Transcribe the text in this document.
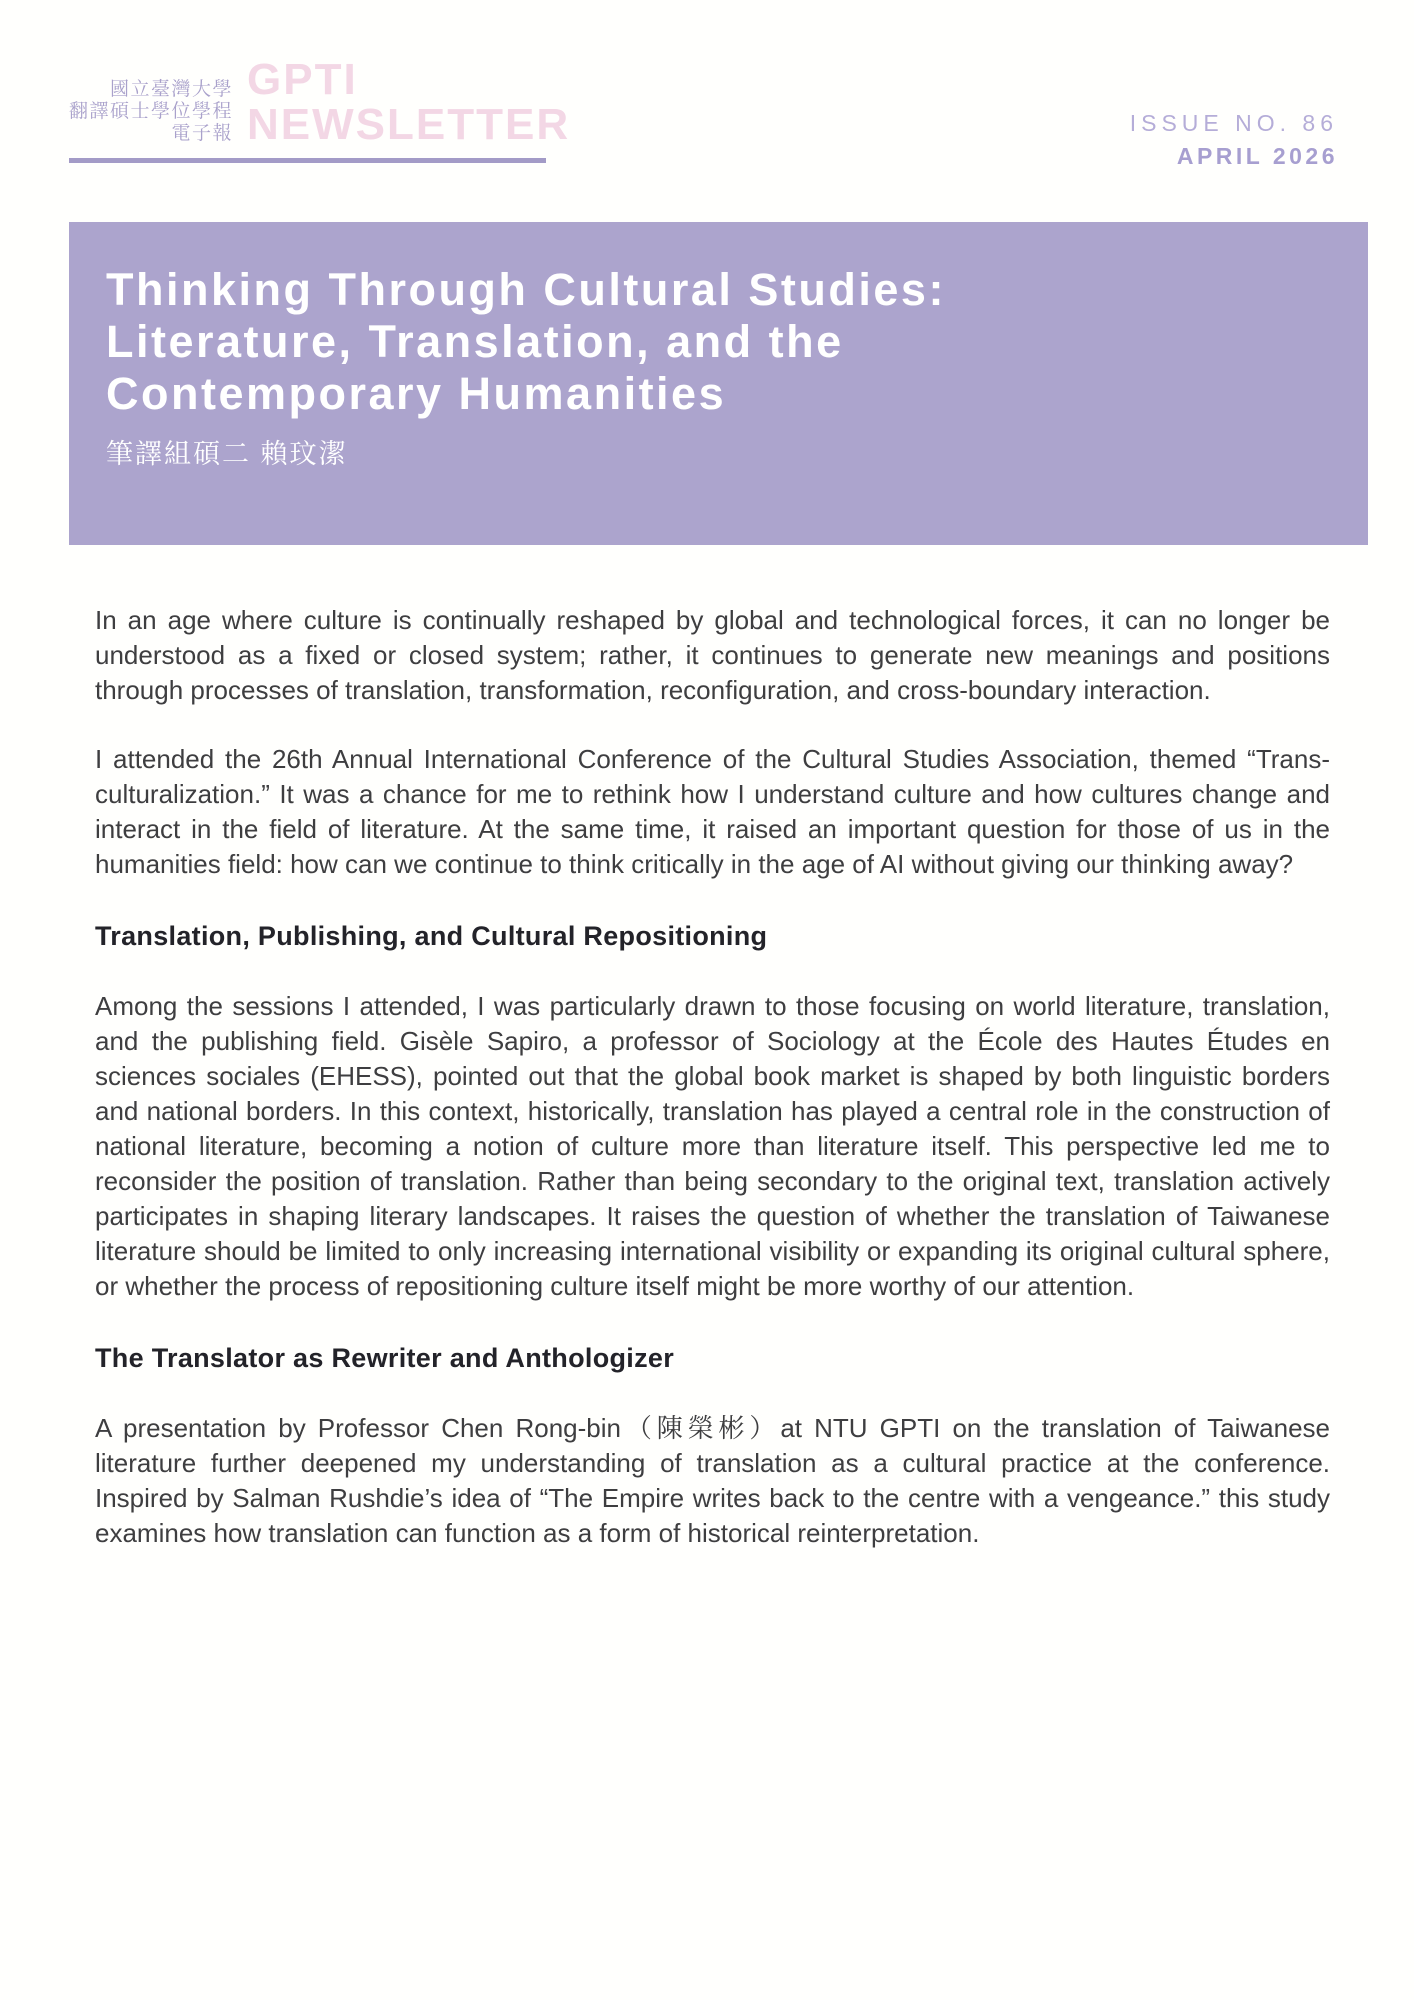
國立臺灣大學
翻譯碩士學位學程
電子報
GPTI
NEWSLETTER	ISSUE NO. 86
APRIL 2026
Thinking Through Cultural Studies:
Literature, Translation, and the
Contemporary Humanities
筆譯組碩二 賴玟潔

In an age where culture is continually reshaped by global and technological forces, it can no longer be understood as a fixed or closed system; rather, it continues to generate new meanings and positions through processes of translation, transformation, reconfiguration, and cross-boundary interaction.

I attended the 26th Annual International Conference of the Cultural Studies Association, themed “Trans-culturalization.” It was a chance for me to rethink how I understand culture and how cultures change and interact in the field of literature. At the same time, it raised an important question for those of us in the humanities field: how can we continue to think critically in the age of AI without giving our thinking away?

Translation, Publishing, and Cultural Repositioning

Among the sessions I attended, I was particularly drawn to those focusing on world literature, translation, and the publishing field. Gisèle Sapiro, a professor of Sociology at the École des Hautes Études en sciences sociales (EHESS), pointed out that the global book market is shaped by both linguistic borders and national borders. In this context, historically, translation has played a central role in the construction of national literature, becoming a notion of culture more than literature itself. This perspective led me to reconsider the position of translation. Rather than being secondary to the original text, translation actively participates in shaping literary landscapes. It raises the question of whether the translation of Taiwanese literature should be limited to only increasing international visibility or expanding its original cultural sphere, or whether the process of repositioning culture itself might be more worthy of our attention.

The Translator as Rewriter and Anthologizer

A presentation by Professor Chen Rong-bin（陳榮彬）at NTU GPTI on the translation of Taiwanese literature further deepened my understanding of translation as a cultural practice at the conference. Inspired by Salman Rushdie’s idea of “The Empire writes back to the centre with a vengeance.” this study examines how translation can function as a form of historical reinterpretation.
